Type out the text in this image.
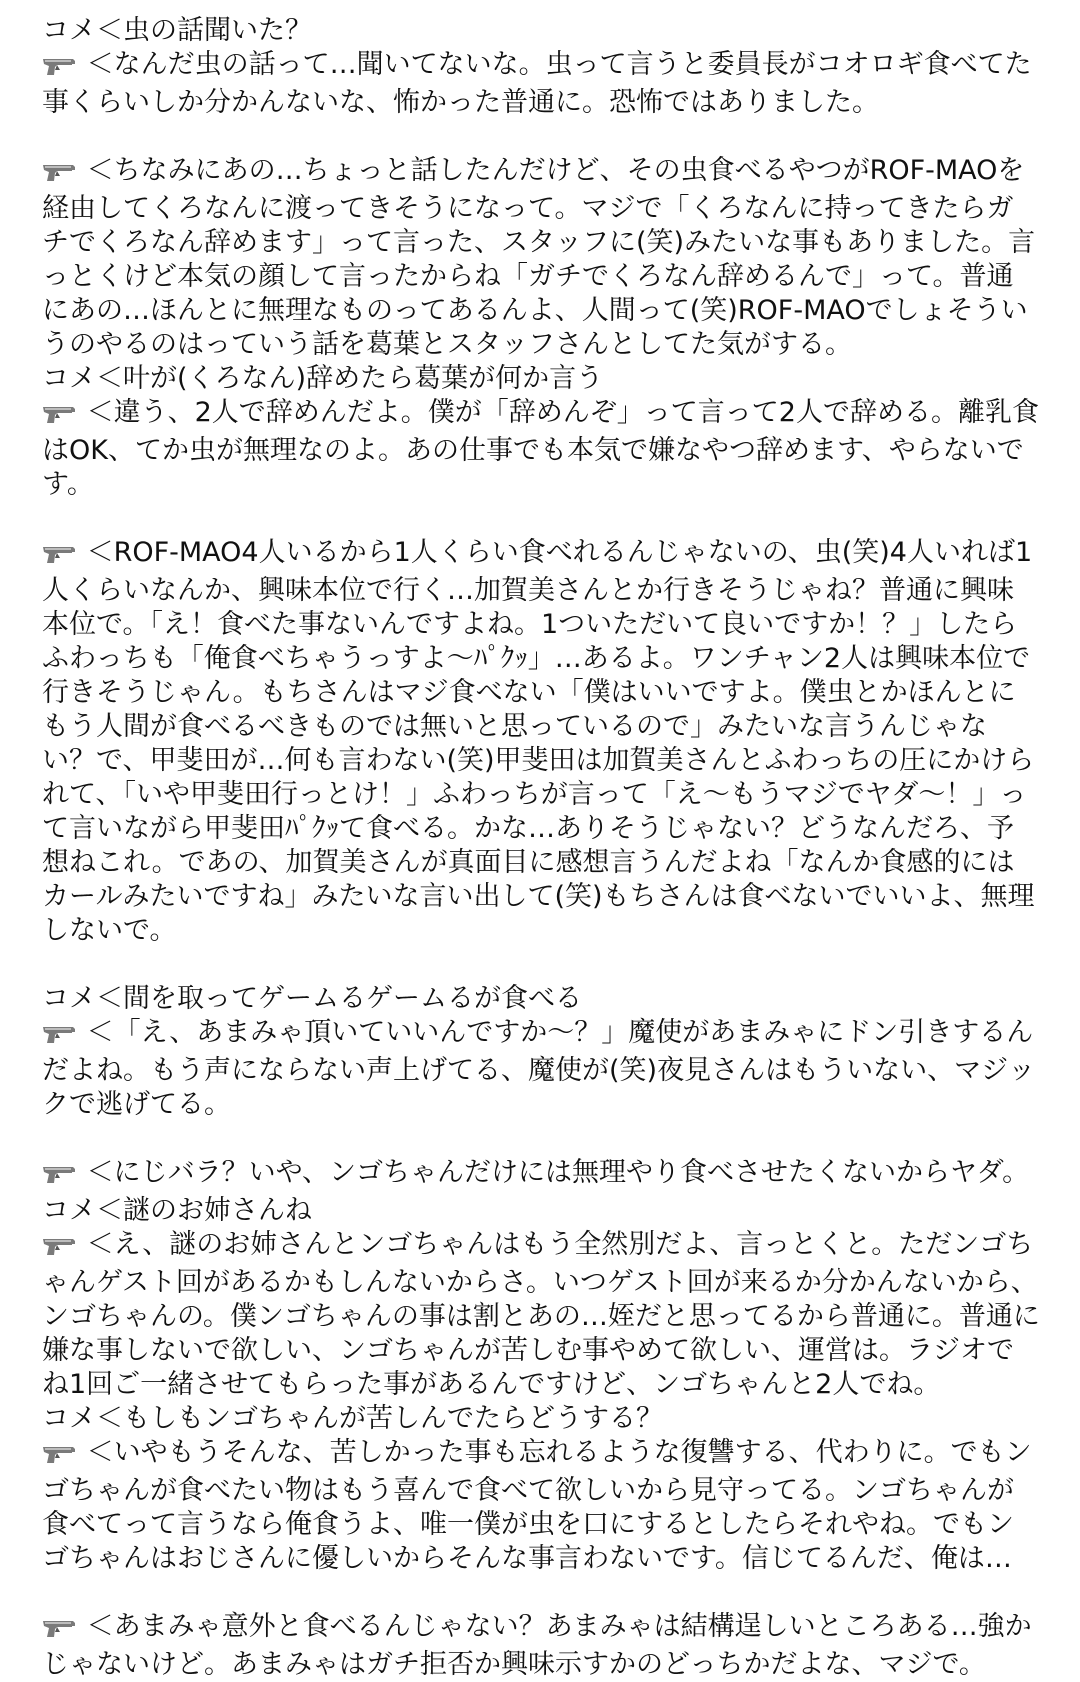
コメ＜虫の話聞いた？
＜なんだ虫の話って…聞いてないな。虫って言うと委員長がコオロギ食べてた事くらいしか分かんないな、怖かった普通に。恐怖ではありました。
＜ちなみにあの…ちょっと話したんだけど、その虫食べるやつがROF-MAOを経由してくろなんに渡ってきそうになって。マジで「くろなんに持ってきたらガチでくろなん辞めます」って言った、スタッフに(笑)みたいな事もありました。言っとくけど本気の顔して言ったからね「ガチでくろなん辞めるんで」って。普通にあの…ほんとに無理なものってあるんよ、人間って(笑)ROF-MAOでしょそういうのやるのはっていう話を葛葉とスタッフさんとしてた気がする。
コメ＜叶が(くろなん)辞めたら葛葉が何か言う
＜違う、2人で辞めんだよ。僕が「辞めんぞ」って言って2人で辞める。離乳食はOK、てか虫が無理なのよ。あの仕事でも本気で嫌なやつ辞めます、やらないです。
＜ROF-MAO4人いるから1人くらい食べれるんじゃないの、虫(笑)4人いれば1人くらいなんか、興味本位で行く…加賀美さんとか行きそうじゃね？普通に興味本位で。「え！食べた事ないんですよね。1ついただいて良いですか！？」したらふわっちも「俺食べちゃうっすよ〜ﾊﾟｸｯ」…あるよ。ワンチャン2人は興味本位で行きそうじゃん。もちさんはマジ食べない「僕はいいですよ。僕虫とかほんとにもう人間が食べるべきものでは無いと思っているので」みたいな言うんじゃない？で、甲斐田が…何も言わない(笑)甲斐田は加賀美さんとふわっちの圧にかけられて、「いや甲斐田行っとけ！」ふわっちが言って「え〜もうマジでヤダ〜！」って言いながら甲斐田ﾊﾟｸｯて食べる。かな…ありそうじゃない？どうなんだろ、予想ねこれ。であの、加賀美さんが真面目に感想言うんだよね「なんか食感的にはカールみたいですね」みたいな言い出して(笑)もちさんは食べないでいいよ、無理しないで。
コメ＜間を取ってゲームるゲームるが食べる
＜「え、あまみゃ頂いていいんですか〜？」魔使があまみゃにドン引きするんだよね。もう声にならない声上げてる、魔使が(笑)夜見さんはもういない、マジックで逃げてる。
＜にじバラ？いや、ンゴちゃんだけには無理やり食べさせたくないからヤダ。
コメ＜謎のお姉さんね
＜え、謎のお姉さんとンゴちゃんはもう全然別だよ、言っとくと。ただンゴちゃんゲスト回があるかもしんないからさ。いつゲスト回が来るか分かんないから、ンゴちゃんの。僕ンゴちゃんの事は割とあの…姪だと思ってるから普通に。普通に嫌な事しないで欲しい、ンゴちゃんが苦しむ事やめて欲しい、運営は。ラジオでね1回ご一緒させてもらった事があるんですけど、ンゴちゃんと2人でね。
コメ＜もしもンゴちゃんが苦しんでたらどうする？
＜いやもうそんな、苦しかった事も忘れるような復讐する、代わりに。でもンゴちゃんが食べたい物はもう喜んで食べて欲しいから見守ってる。ンゴちゃんが食べてって言うなら俺食うよ、唯一僕が虫を口にするとしたらそれやね。でもンゴちゃんはおじさんに優しいからそんな事言わないです。信じてるんだ、俺は…
＜あまみゃ意外と食べるんじゃない？あまみゃは結構逞しいところある…強かじゃないけど。あまみゃはガチ拒否か興味示すかのどっちかだよな、マジで。
